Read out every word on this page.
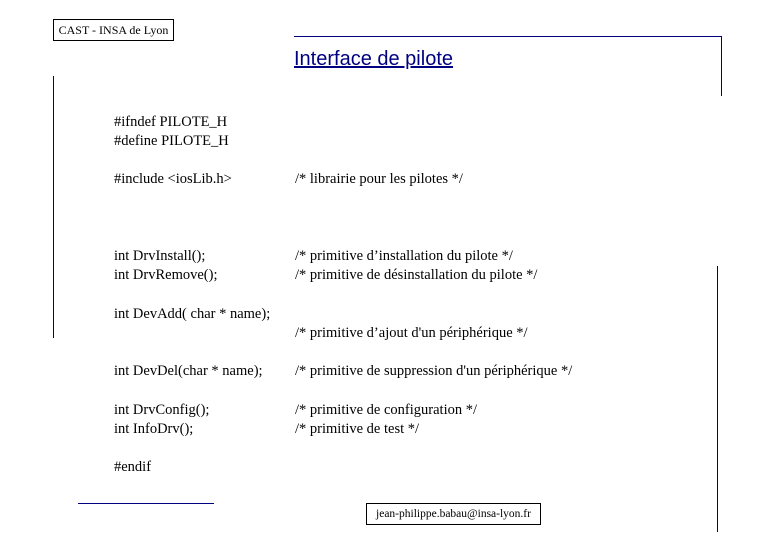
CAST - INSA de Lyon
Interface de pilote
#ifndef PILOTE_H
#define PILOTE_H
#include <iosLib.h>	/* librairie pour les pilotes */
int DrvInstall();	/* primitive d’installation du pilote */
int DrvRemove();	/* primitive de désinstallation du pilote */
int DevAdd( char * name);
/* primitive d’ajout d'un périphérique */
int DevDel(char * name); /* primitive de suppression d'un périphérique */
int DrvConfig();	/* primitive de configuration */
int InfoDrv();	/* primitive de test */
#endif
jean-philippe.babau@insa-lyon.fr
